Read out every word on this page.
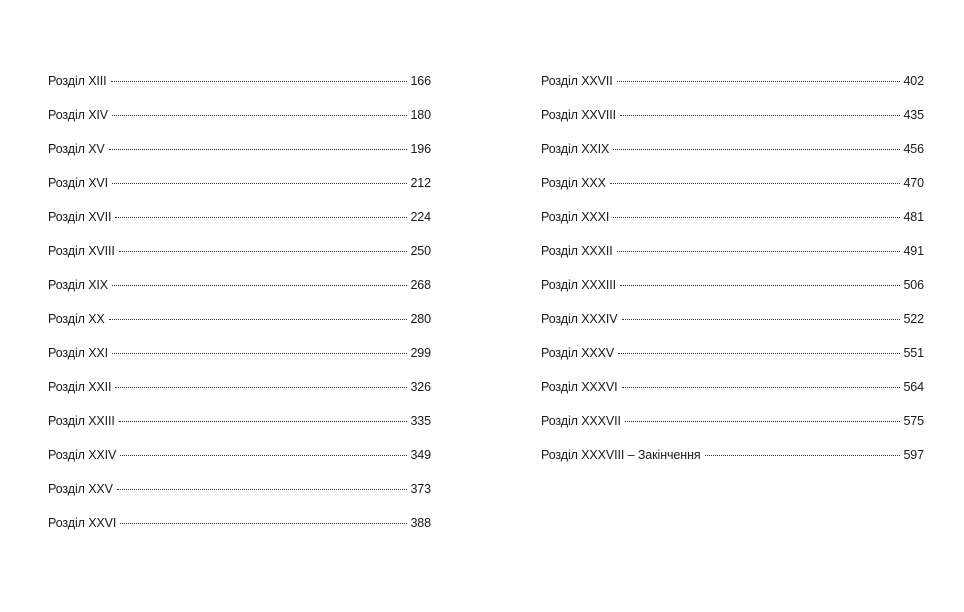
Розділ XIII	166
Розділ XIV	180
Розділ XV	196
Розділ XVI	212
Розділ XVII	224
Розділ XVIII	250
Розділ XIX	268
Розділ XX	280
Розділ XXI	299
Розділ XXII	326
Розділ XXIII	335
Розділ XXIV	349
Розділ XXV	373
Розділ XXVI	388
Розділ XXVII	402
Розділ XXVIII	435
Розділ XXIX	456
Розділ XXX	470
Розділ XXXI	481
Розділ XXXII	491
Розділ XXXIII	506
Розділ XXXIV	522
Розділ XXXV	551
Розділ XXXVI	564
Розділ XXXVII	575
Розділ XXXVIII – Закінчення	597
